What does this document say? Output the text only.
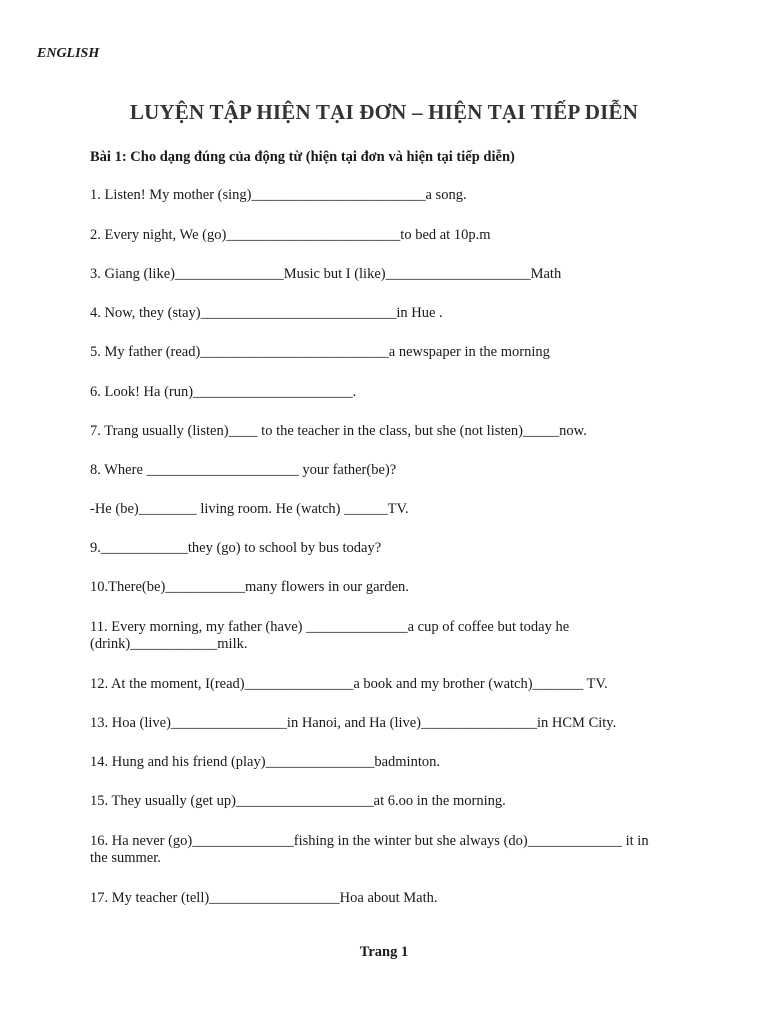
ENGLISH
LUYỆN TẬP HIỆN TẠI ĐƠN – HIỆN TẠI TIẾP DIỄN
Bài 1: Cho dạng đúng của động từ (hiện tại đơn và hiện tại tiếp diễn)
1. Listen! My mother (sing)________________________a song.
2. Every night, We (go)________________________to bed at 10p.m
3. Giang (like)_______________Music but I (like)____________________Math
4. Now, they (stay)___________________________in Hue .
5. My father (read)__________________________a newspaper in the morning
6. Look! Ha (run)______________________.
7. Trang usually (listen)____ to the teacher in the class, but she (not listen)_____now.
8. Where _____________________ your father(be)?
-He (be)________ living room. He (watch) ______TV.
9.____________they (go) to school by bus today?
10.There(be)___________many flowers in our garden.
11. Every morning, my father (have) ______________a cup of coffee but today he
(drink)____________milk.
12. At the moment, I(read)_______________a book and my brother (watch)_______ TV.
13. Hoa (live)________________in Hanoi, and Ha (live)________________in HCM City.
14. Hung and his friend (play)_______________badminton.
15. They usually (get up)___________________at 6.oo in the morning.
16. Ha never (go)______________fishing in the winter but she always (do)_____________ it in
the summer.
17. My teacher (tell)__________________Hoa about Math.
Trang 1
